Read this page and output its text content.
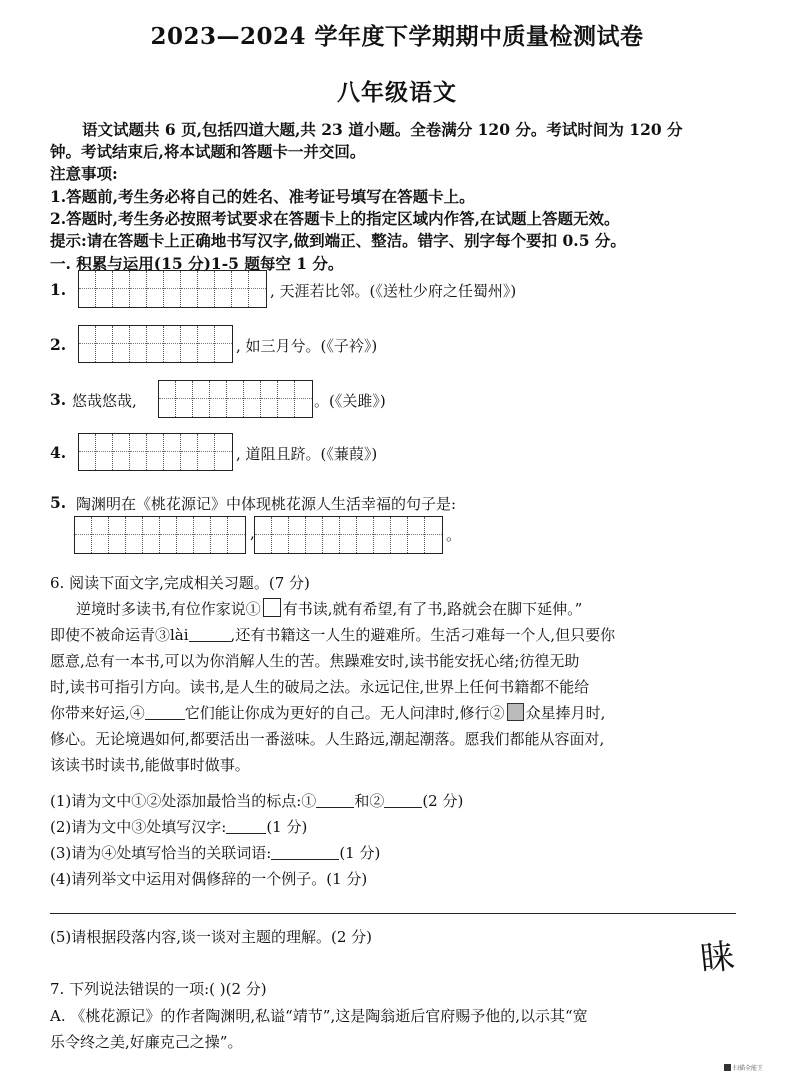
2023—2024 学年度下学期期中质量检测试卷
八年级语文
语文试题共 6 页,包括四道大题,共 23 道小题。全卷满分 120 分。考试时间为 120 分
钟。考试结束后,将本试题和答题卡一并交回。
注意事项:
1.答题前,考生务必将自己的姓名、准考证号填写在答题卡上。
2.答题时,考生务必按照考试要求在答题卡上的指定区域内作答,在试题上答题无效。
提示:请在答题卡上正确地书写汉字,做到端正、整洁。错字、别字每个要扣 0.5 分。
一. 积累与运用(15 分)1-5 题每空 1 分。
1.	, 天涯若比邻。(《送杜少府之任蜀州》)
2.	, 如三月兮。(《子衿》)
3. 悠哉悠哉,	。(《关雎》)
4.	, 道阻且跻。(《蒹葭》)
5. 陶渊明在《桃花源记》中体现桃花源人生活幸福的句子是:
,	。
6. 阅读下面文字,完成相关习题。(7 分)
逆境时多读书,有位作家说① 有书读,就有希望,有了书,路就会在脚下延伸。”
即使不被命运青③lài	,还有书籍这一人生的避难所。生活刁难每一个人,但只要你
愿意,总有一本书,可以为你消解人生的苦。焦躁难安时,读书能安抚心绪;彷徨无助
时,读书可指引方向。读书,是人生的破局之法。永远记住,世界上任何书籍都不能给
你带来好运,④	它们能让你成为更好的自己。无人问津时,修行② 众星捧月时,
修心。无论境遇如何,都要活出一番滋味。人生路远,潮起潮落。愿我们都能从容面对,
该读书时读书,能做事时做事。
(1)请为文中①②处添加最恰当的标点:①	和②	(2 分)
(2)请为文中③处填写汉字:	(1 分)
(3)请为④处填写恰当的关联词语:	(1 分)
(4)请列举文中运用对偶修辞的一个例子。(1 分)
(5)请根据段落内容,谈一谈对主题的理解。(2 分)	睐
7. 下列说法错误的一项:( )(2 分)
A. 《桃花源记》的作者陶渊明,私谥“靖节”,这是陶翁逝后官府赐予他的,以示其“宽
乐令终之美,好廉克己之操”。
扫描全能王
